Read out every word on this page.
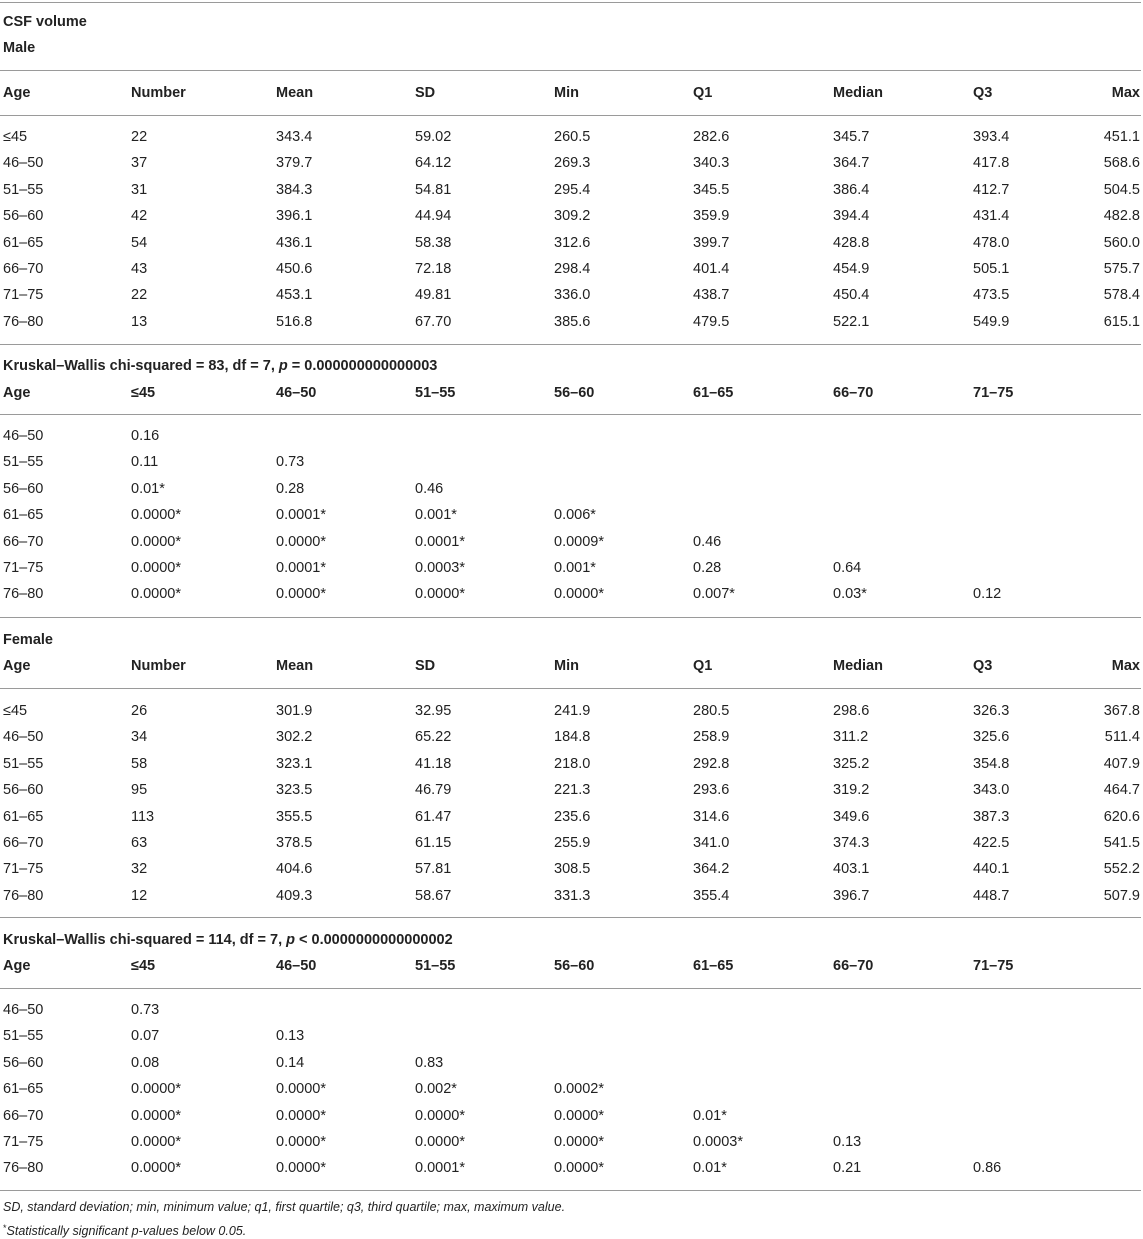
CSF volume
Male
Age	Number	Mean	SD	Min	Q1	Median	Q3	Max
≤45	22	343.4	59.02	260.5	282.6	345.7	393.4	451.1
46–50	37	379.7	64.12	269.3	340.3	364.7	417.8	568.6
51–55	31	384.3	54.81	295.4	345.5	386.4	412.7	504.5
56–60	42	396.1	44.94	309.2	359.9	394.4	431.4	482.8
61–65	54	436.1	58.38	312.6	399.7	428.8	478.0	560.0
66–70	43	450.6	72.18	298.4	401.4	454.9	505.1	575.7
71–75	22	453.1	49.81	336.0	438.7	450.4	473.5	578.4
76–80	13	516.8	67.70	385.6	479.5	522.1	549.9	615.1
Kruskal–Wallis chi-squared = 83, df = 7, p = 0.000000000000003
Age	≤45	46–50	51–55	56–60	61–65	66–70	71–75
46–50	0.16
51–55	0.11	0.73
56–60	0.01*	0.28	0.46
61–65	0.0000*	0.0001*	0.001*	0.006*
66–70	0.0000*	0.0000*	0.0001*	0.0009*	0.46
71–75	0.0000*	0.0001*	0.0003*	0.001*	0.28	0.64
76–80	0.0000*	0.0000*	0.0000*	0.0000*	0.007*	0.03*	0.12
Female
Age	Number	Mean	SD	Min	Q1	Median	Q3	Max
≤45	26	301.9	32.95	241.9	280.5	298.6	326.3	367.8
46–50	34	302.2	65.22	184.8	258.9	311.2	325.6	511.4
51–55	58	323.1	41.18	218.0	292.8	325.2	354.8	407.9
56–60	95	323.5	46.79	221.3	293.6	319.2	343.0	464.7
61–65	113	355.5	61.47	235.6	314.6	349.6	387.3	620.6
66–70	63	378.5	61.15	255.9	341.0	374.3	422.5	541.5
71–75	32	404.6	57.81	308.5	364.2	403.1	440.1	552.2
76–80	12	409.3	58.67	331.3	355.4	396.7	448.7	507.9
Kruskal–Wallis chi-squared = 114, df = 7, p < 0.0000000000000002
Age	≤45	46–50	51–55	56–60	61–65	66–70	71–75
46–50	0.73
51–55	0.07	0.13
56–60	0.08	0.14	0.83
61–65	0.0000*	0.0000*	0.002*	0.0002*
66–70	0.0000*	0.0000*	0.0000*	0.0000*	0.01*
71–75	0.0000*	0.0000*	0.0000*	0.0000*	0.0003*	0.13
76–80	0.0000*	0.0000*	0.0001*	0.0000*	0.01*	0.21	0.86
SD, standard deviation; min, minimum value; q1, first quartile; q3, third quartile; max, maximum value.
*Statistically significant p-values below 0.05.
